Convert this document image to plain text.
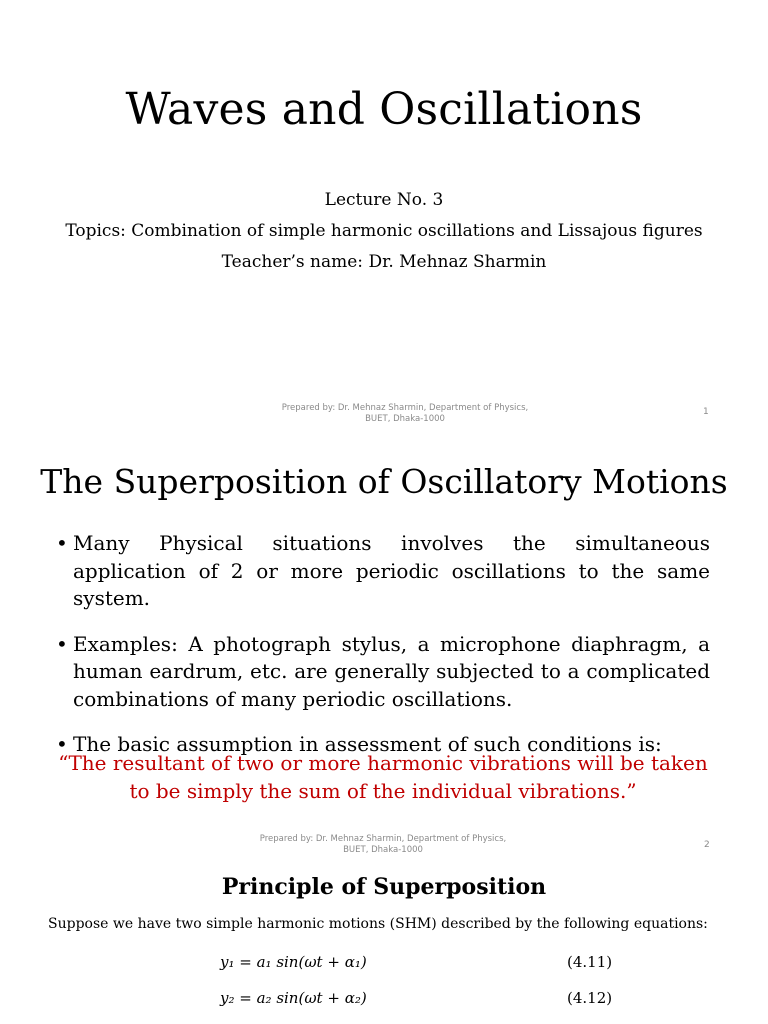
Waves and Oscillations
Lecture No. 3
Topics: Combination of simple harmonic oscillations and Lissajous figures
Teacher’s name: Dr. Mehnaz Sharmin
Prepared by: Dr. Mehnaz Sharmin, Department of Physics,
BUET, Dhaka-1000
1
The Superposition of Oscillatory Motions
• Many Physical situations involves the simultaneous application of 2 or more periodic oscillations to the same system.
• Examples: A photograph stylus, a microphone diaphragm, a human eardrum, etc. are generally subjected to a complicated combinations of many periodic oscillations.
• The basic assumption in assessment of such conditions is:
“The resultant of two or more harmonic vibrations will be taken to be simply the sum of the individual vibrations.”
Prepared by: Dr. Mehnaz Sharmin, Department of Physics,
BUET, Dhaka-1000	2
Principle of Superposition
Suppose we have two simple harmonic motions (SHM) described by the following equations:
y₁ = a₁ sin(ωt + α₁)	(4.11)
y₂ = a₂ sin(ωt + α₂)	(4.12)
